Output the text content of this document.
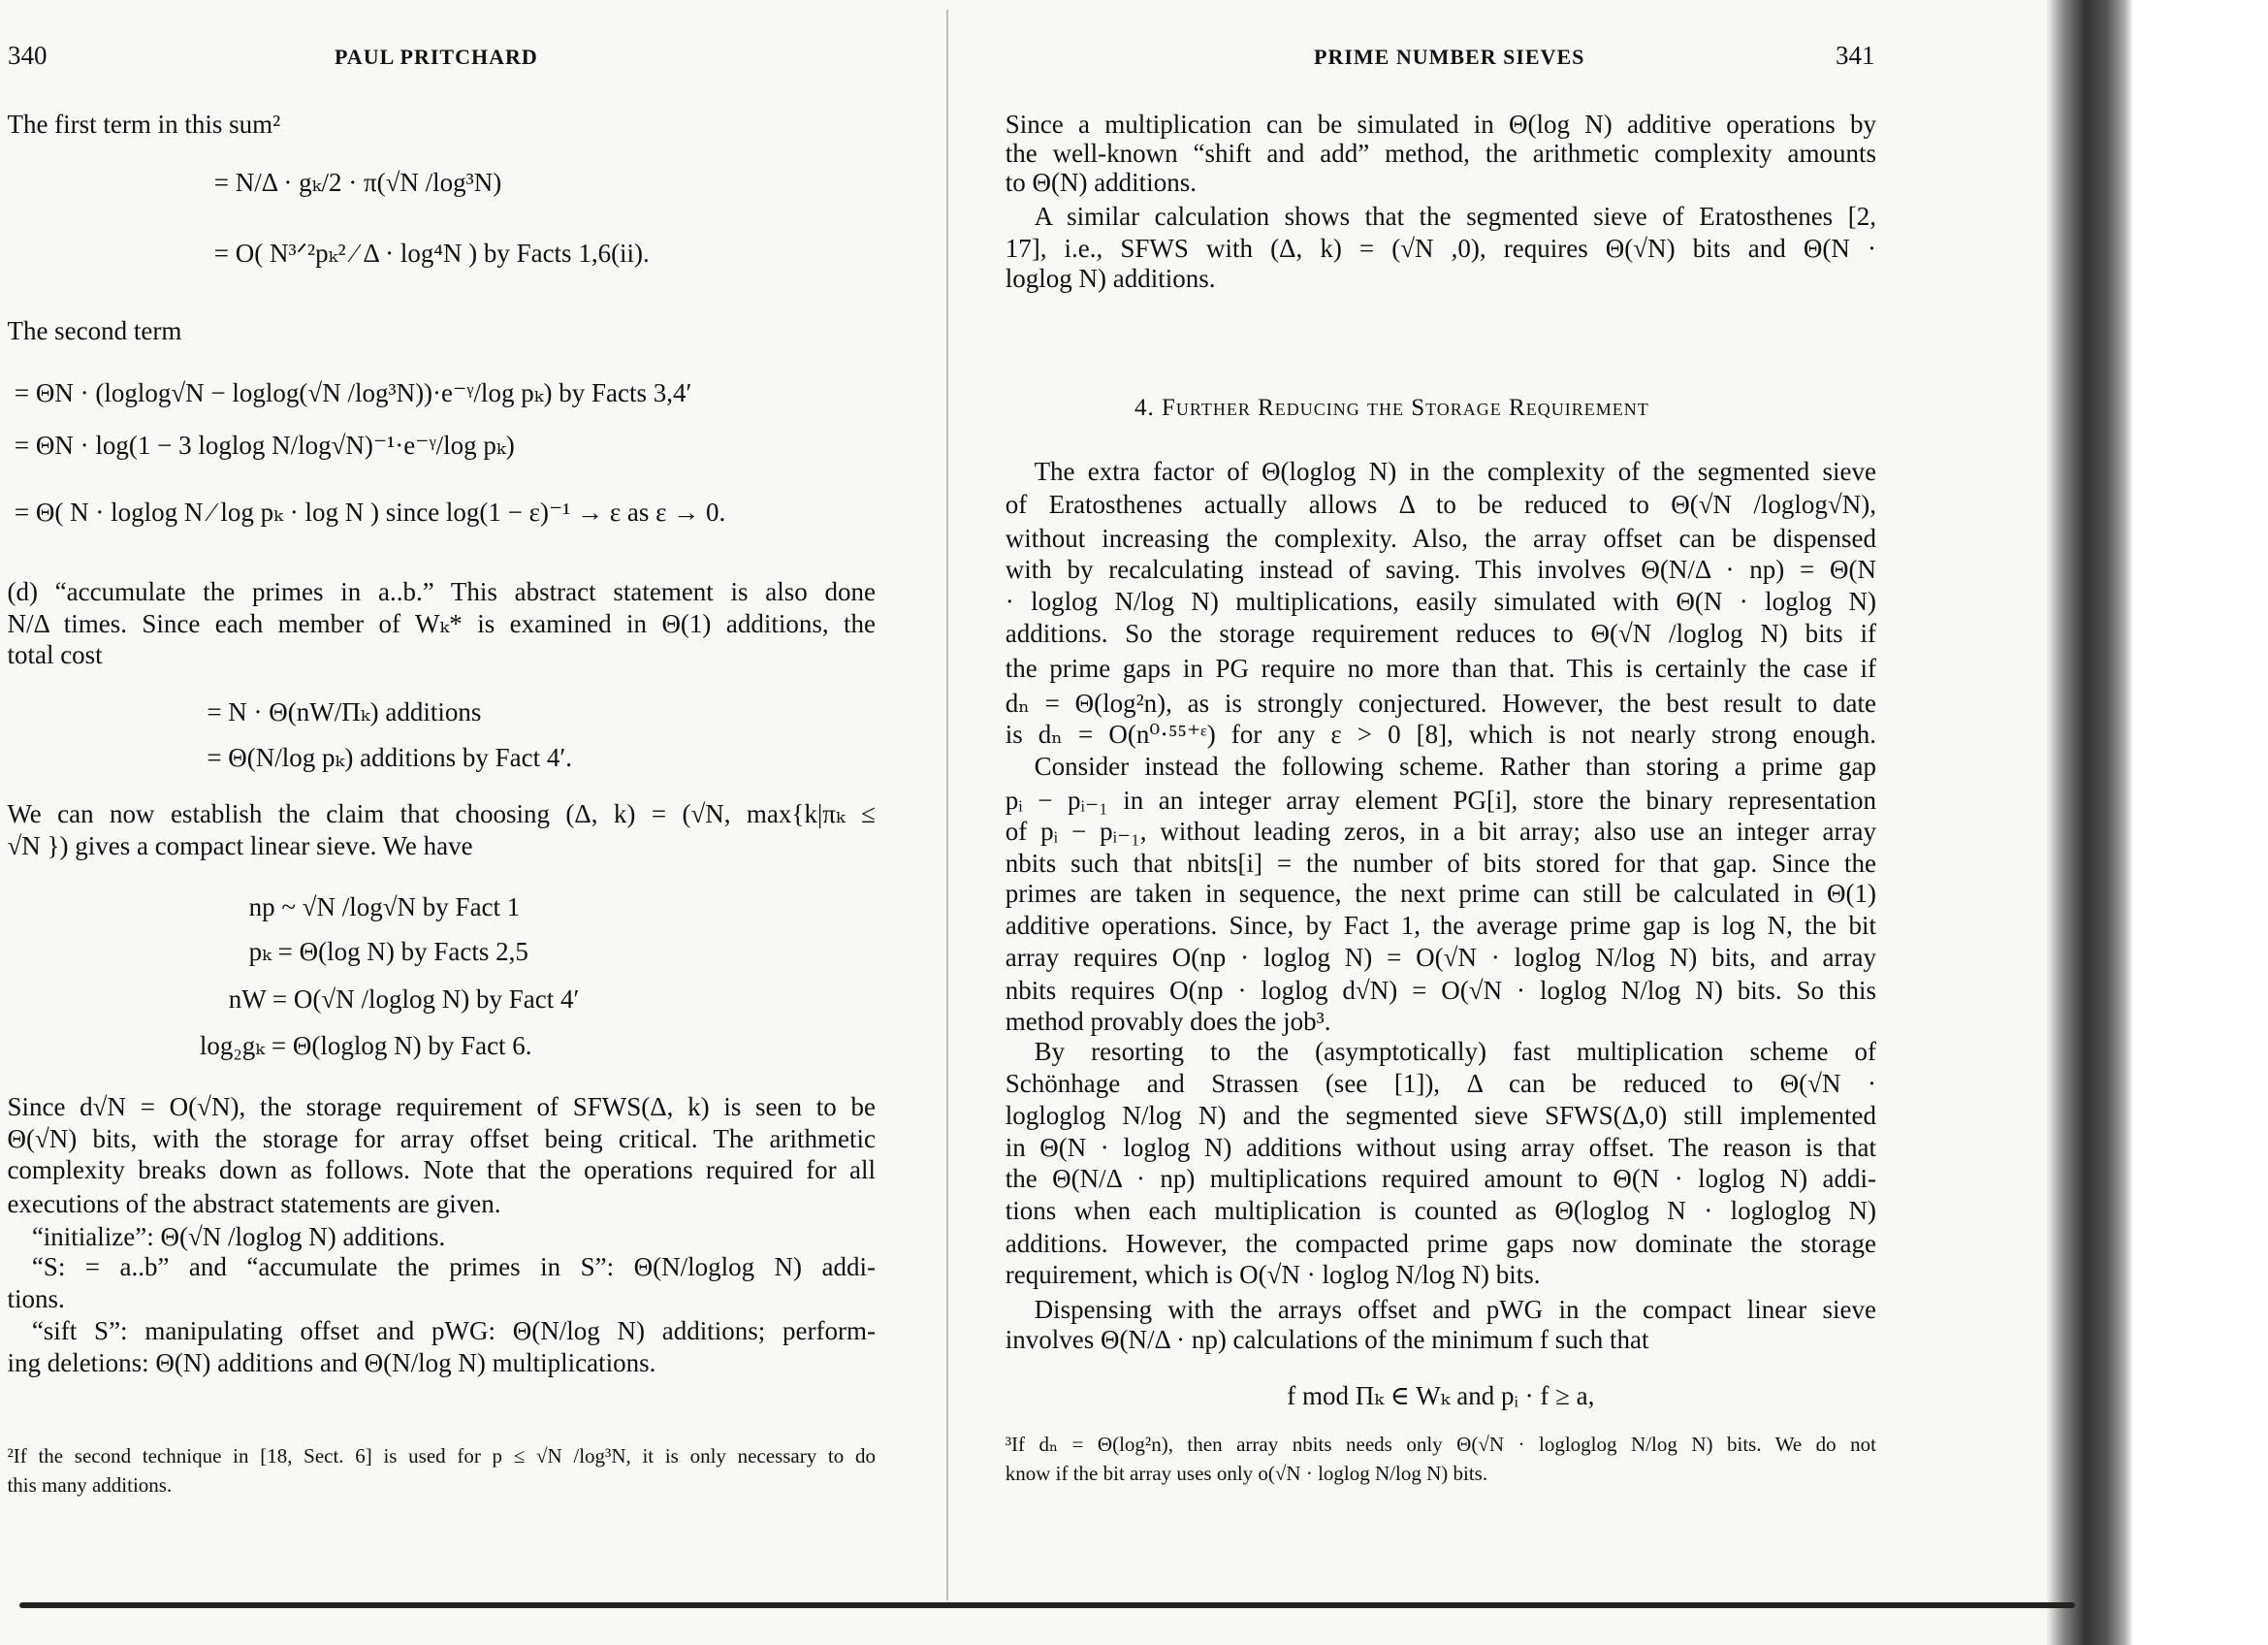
340	PAUL PRITCHARD	PRIME NUMBER SIEVES	341
4. Further Reducing the Storage Requirement
The first term in this sum²
= N/Δ · gₖ/2 · π(√N /log³N)
= O( N³ᐟ²pₖ² ⁄ Δ · log⁴N ) by Facts 1,6(ii).
The second term
= ΘN · (loglog√N − loglog(√N /log³N))·e⁻ᵞ/log pₖ) by Facts 3,4′
= ΘN · log(1 − 3 loglog N/log√N)⁻¹·e⁻ᵞ/log pₖ)
= Θ( N · loglog N ⁄ log pₖ · log N ) since log(1 − ε)⁻¹ → ε as ε → 0.
(d) “accumulate the primes in a..b.” This abstract statement is also done
N/Δ times. Since each member of Wₖ* is examined in Θ(1) additions, the
total cost
= N · Θ(nW/Πₖ) additions
= Θ(N/log pₖ) additions by Fact 4′.
We can now establish the claim that choosing (Δ, k) = (√N, max{k|πₖ ≤
√N }) gives a compact linear sieve. We have
np ~ √N /log√N by Fact 1
pₖ = Θ(log N) by Facts 2,5
nW = O(√N /loglog N) by Fact 4′
log₂gₖ = Θ(loglog N) by Fact 6.
Since d√N = O(√N), the storage requirement of SFWS(Δ, k) is seen to be
Θ(√N) bits, with the storage for array offset being critical. The arithmetic
complexity breaks down as follows. Note that the operations required for all
executions of the abstract statements are given.
“initialize”: Θ(√N /loglog N) additions.
“S: = a..b” and “accumulate the primes in S”: Θ(N/loglog N) addi-
tions.
“sift S”: manipulating offset and pWG: Θ(N/log N) additions; perform-
ing deletions: Θ(N) additions and Θ(N/log N) multiplications.
²If the second technique in [18, Sect. 6] is used for p ≤ √N /log³N, it is only necessary to do
this many additions.
Since a multiplication can be simulated in Θ(log N) additive operations by
the well-known “shift and add” method, the arithmetic complexity amounts
to Θ(N) additions.
A similar calculation shows that the segmented sieve of Eratosthenes [2,
17], i.e., SFWS with (Δ, k) = (√N ,0), requires Θ(√N) bits and Θ(N ·
loglog N) additions.
The extra factor of Θ(loglog N) in the complexity of the segmented sieve
of Eratosthenes actually allows Δ to be reduced to Θ(√N /loglog√N),
without increasing the complexity. Also, the array offset can be dispensed
with by recalculating instead of saving. This involves Θ(N/Δ · np) = Θ(N
· loglog N/log N) multiplications, easily simulated with Θ(N · loglog N)
additions. So the storage requirement reduces to Θ(√N /loglog N) bits if
the prime gaps in PG require no more than that. This is certainly the case if
dₙ = Θ(log²n), as is strongly conjectured. However, the best result to date
is dₙ = O(n⁰·⁵⁵⁺ᵋ) for any ε > 0 [8], which is not nearly strong enough.
Consider instead the following scheme. Rather than storing a prime gap
pᵢ − pᵢ₋₁ in an integer array element PG[i], store the binary representation
of pᵢ − pᵢ₋₁, without leading zeros, in a bit array; also use an integer array
nbits such that nbits[i] = the number of bits stored for that gap. Since the
primes are taken in sequence, the next prime can still be calculated in Θ(1)
additive operations. Since, by Fact 1, the average prime gap is log N, the bit
array requires O(np · loglog N) = O(√N · loglog N/log N) bits, and array
nbits requires O(np · loglog d√N) = O(√N · loglog N/log N) bits. So this
method provably does the job³.
By resorting to the (asymptotically) fast multiplication scheme of
Schönhage and Strassen (see [1]), Δ can be reduced to Θ(√N ·
logloglog N/log N) and the segmented sieve SFWS(Δ,0) still implemented
in Θ(N · loglog N) additions without using array offset. The reason is that
the Θ(N/Δ · np) multiplications required amount to Θ(N · loglog N) addi-
tions when each multiplication is counted as Θ(loglog N · logloglog N)
additions. However, the compacted prime gaps now dominate the storage
requirement, which is O(√N · loglog N/log N) bits.
Dispensing with the arrays offset and pWG in the compact linear sieve
involves Θ(N/Δ · np) calculations of the minimum f such that
f mod Πₖ ∈ Wₖ and pᵢ · f ≥ a,
³If dₙ = Θ(log²n), then array nbits needs only Θ(√N · logloglog N/log N) bits. We do not
know if the bit array uses only o(√N · loglog N/log N) bits.
